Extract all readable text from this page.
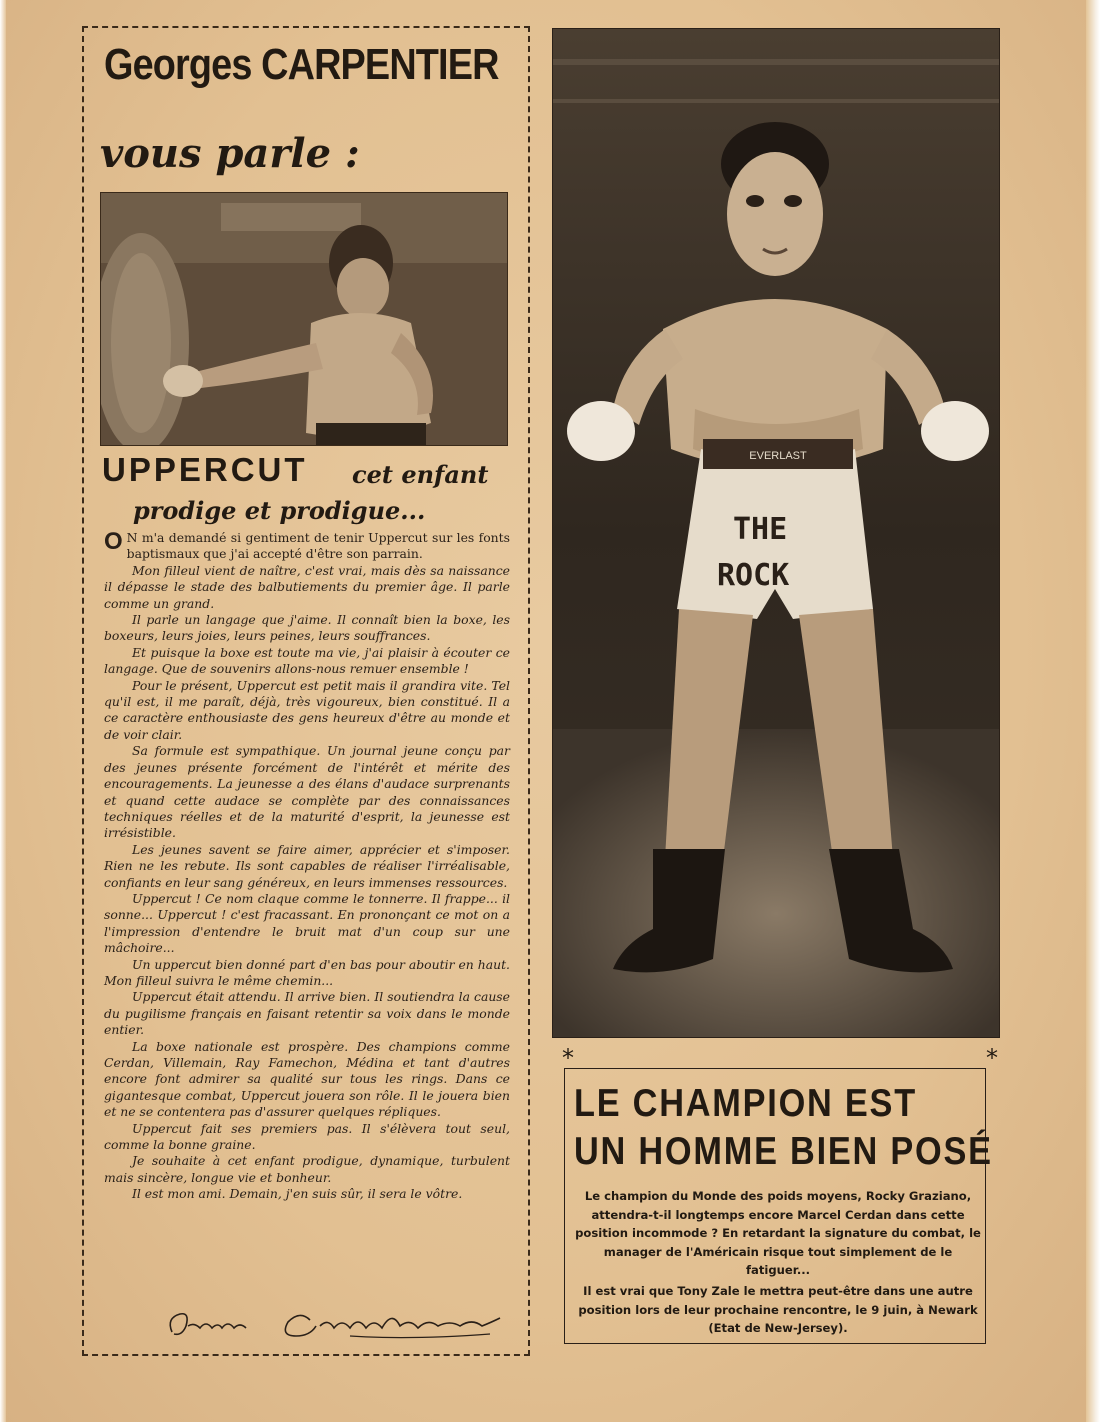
Georges CARPENTIER
vous parle :
UPPERCUT cet enfant
prodige et prodigue...

O N m'a demandé si gentiment de tenir Uppercut sur les fonts baptismaux que j'ai accepté d'être son parrain.

Mon filleul vient de naître, c'est vrai, mais dès sa naissance il dépasse le stade des balbutiements du premier âge. Il parle comme un grand.

Il parle un langage que j'aime. Il connaît bien la boxe, les boxeurs, leurs joies, leurs peines, leurs souffrances.

Et puisque la boxe est toute ma vie, j'ai plaisir à écouter ce langage. Que de souvenirs allons-nous remuer ensemble !

Pour le présent, Uppercut est petit mais il grandira vite. Tel qu'il est, il me paraît, déjà, très vigoureux, bien constitué. Il a ce caractère enthousiaste des gens heureux d'être au monde et de voir clair.

Sa formule est sympathique. Un journal jeune conçu par des jeunes présente forcément de l'intérêt et mérite des encouragements. La jeunesse a des élans d'audace surprenants et quand cette audace se complète par des connaissances techniques réelles et de la maturité d'esprit, la jeunesse est irrésistible.

Les jeunes savent se faire aimer, apprécier et s'imposer. Rien ne les rebute. Ils sont capables de réaliser l'irréalisable, confiants en leur sang généreux, en leurs immenses ressources.

Uppercut ! Ce nom claque comme le tonnerre. Il frappe... il sonne... Uppercut ! c'est fracassant. En prononçant ce mot on a l'impression d'entendre le bruit mat d'un coup sur une mâchoire...

Un uppercut bien donné part d'en bas pour aboutir en haut. Mon filleul suivra le même chemin...

Uppercut était attendu. Il arrive bien. Il soutiendra la cause du pugilisme français en faisant retentir sa voix dans le monde entier.

La boxe nationale est prospère. Des champions comme Cerdan, Villemain, Ray Famechon, Médina et tant d'autres encore font admirer sa qualité sur tous les rings. Dans ce gigantesque combat, Uppercut jouera son rôle. Il le jouera bien et ne se contentera pas d'assurer quelques répliques.

Uppercut fait ses premiers pas. Il s'élèvera tout seul, comme la bonne graine.

Je souhaite à cet enfant prodigue, dynamique, turbulent mais sincère, longue vie et bonheur.

Il est mon ami. Demain, j'en suis sûr, il sera le vôtre.

EVERLAST
THE
ROCK
*	*
LE CHAMPION EST
UN HOMME BIEN POSÉ

Le champion du Monde des poids moyens, Rocky Graziano, attendra-t-il longtemps encore Marcel Cerdan dans cette position incommode ? En retardant la signature du combat, le manager de l'Américain risque tout simplement de le fatiguer...

Il est vrai que Tony Zale le mettra peut-être dans une autre position lors de leur prochaine rencontre, le 9 juin, à Newark (Etat de New-Jersey).
